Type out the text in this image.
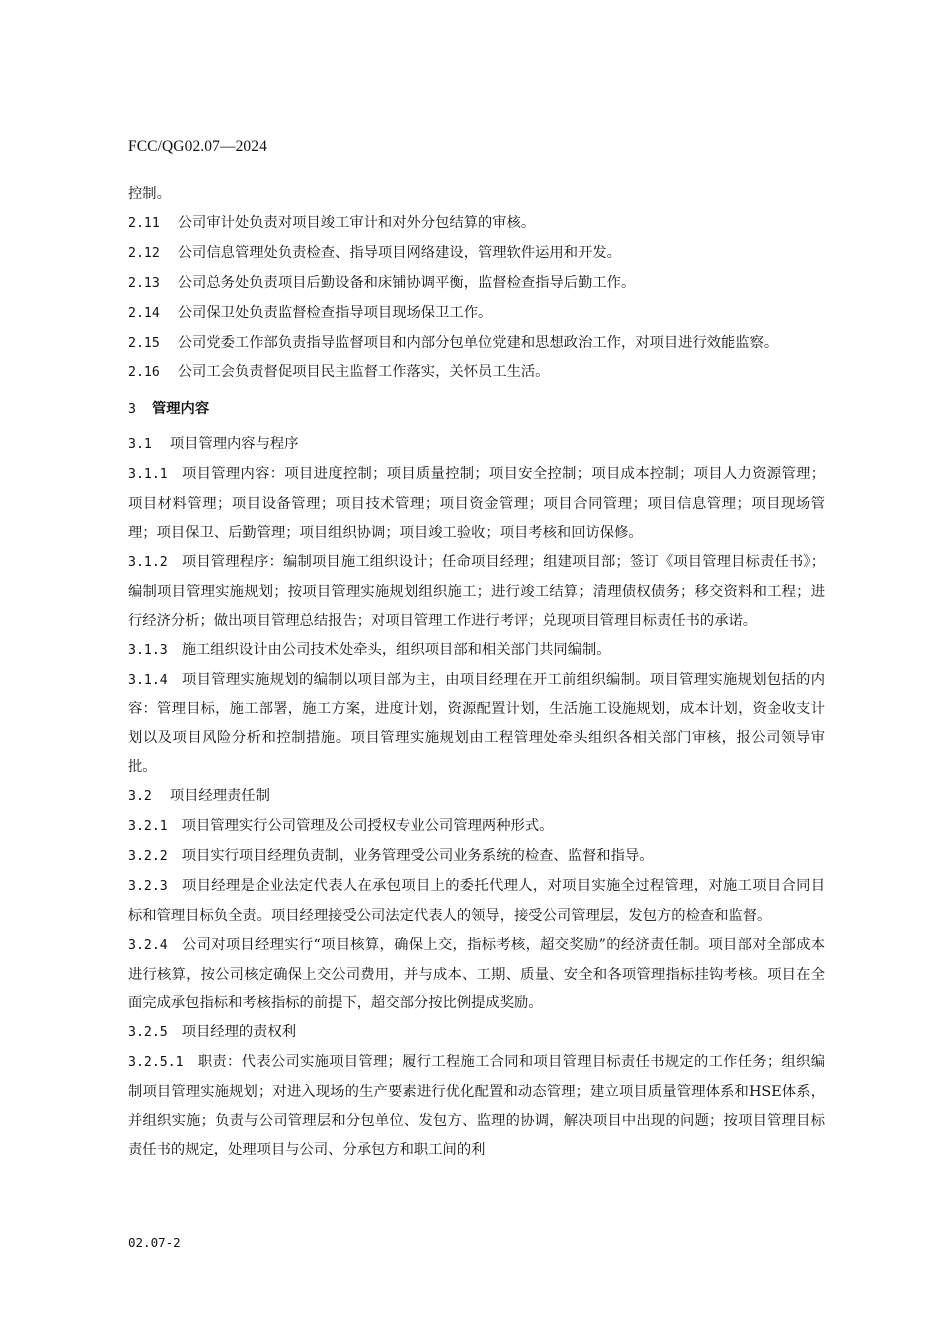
FCC/QG02.07—2024

控制。

2.11 公司审计处负责对项目竣工审计和对外分包结算的审核。

2.12 公司信息管理处负责检查、指导项目网络建设，管理软件运用和开发。

2.13 公司总务处负责项目后勤设备和床铺协调平衡，监督检查指导后勤工作。

2.14 公司保卫处负责监督检查指导项目现场保卫工作。

2.15 公司党委工作部负责指导监督项目和内部分包单位党建和思想政治工作，对项目进行效能监察。

2.16 公司工会负责督促项目民主监督工作落实，关怀员工生活。

3 管理内容

3.1 项目管理内容与程序

3.1.1 项目管理内容：项目进度控制；项目质量控制；项目安全控制；项目成本控制；项目人力资源管理；项目材料管理；项目设备管理；项目技术管理；项目资金管理；项目合同管理；项目信息管理；项目现场管理；项目保卫、后勤管理；项目组织协调；项目竣工验收；项目考核和回访保修。

3.1.2 项目管理程序：编制项目施工组织设计；任命项目经理；组建项目部；签订《项目管理目标责任书》；编制项目管理实施规划；按项目管理实施规划组织施工；进行竣工结算；清理债权债务；移交资料和工程；进行经济分析；做出项目管理总结报告；对项目管理工作进行考评；兑现项目管理目标责任书的承诺。

3.1.3 施工组织设计由公司技术处牵头，组织项目部和相关部门共同编制。

3.1.4 项目管理实施规划的编制以项目部为主，由项目经理在开工前组织编制。项目管理实施规划包括的内容：管理目标，施工部署，施工方案，进度计划，资源配置计划，生活施工设施规划，成本计划，资金收支计划以及项目风险分析和控制措施。项目管理实施规划由工程管理处牵头组织各相关部门审核，报公司领导审批。

3.2 项目经理责任制

3.2.1 项目管理实行公司管理及公司授权专业公司管理两种形式。

3.2.2 项目实行项目经理负责制，业务管理受公司业务系统的检查、监督和指导。

3.2.3 项目经理是企业法定代表人在承包项目上的委托代理人，对项目实施全过程管理，对施工项目合同目标和管理目标负全责。项目经理接受公司法定代表人的领导，接受公司管理层，发包方的检查和监督。

3.2.4 公司对项目经理实行“项目核算，确保上交，指标考核，超交奖励”的经济责任制。项目部对全部成本进行核算，按公司核定确保上交公司费用，并与成本、工期、质量、安全和各项管理指标挂钩考核。项目在全面完成承包指标和考核指标的前提下，超交部分按比例提成奖励。

3.2.5 项目经理的责权利

3.2.5.1 职责：代表公司实施项目管理；履行工程施工合同和项目管理目标责任书规定的工作任务；组织编制项目管理实施规划；对进入现场的生产要素进行优化配置和动态管理；建立项目质量管理体系和HSE体系，并组织实施；负责与公司管理层和分包单位、发包方、监理的协调，解决项目中出现的问题；按项目管理目标责任书的规定，处理项目与公司、分承包方和职工间的利

02.07-2
